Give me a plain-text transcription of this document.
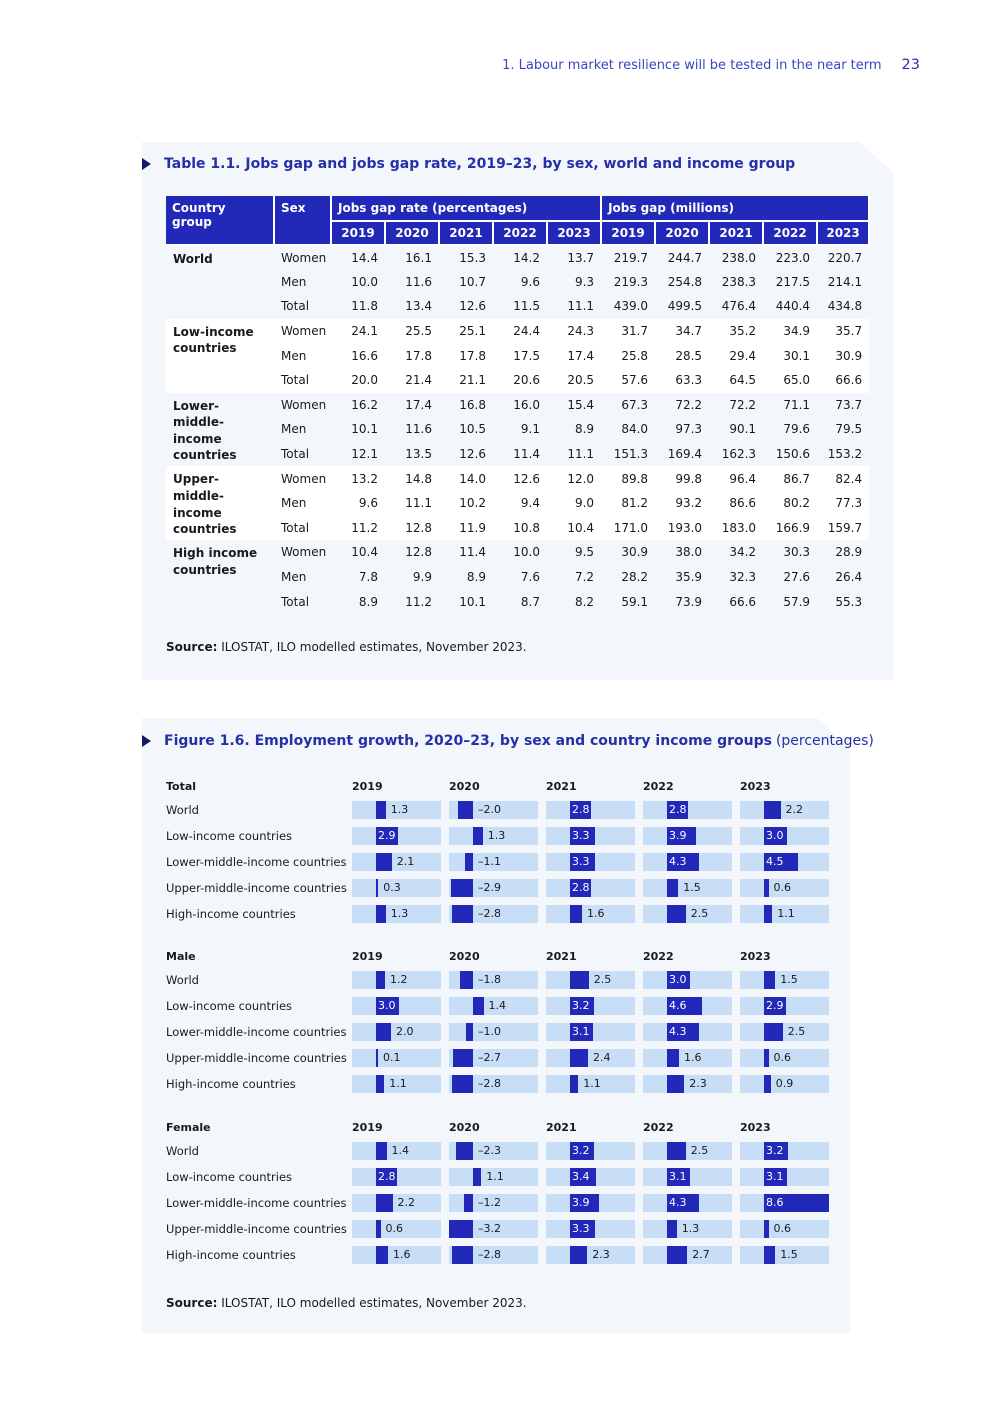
1. Labour market resilience will be tested in the near term 23
Table 1.1. Jobs gap and jobs gap rate, 2019–23, by sex, world and income group
Country group	Sex	Jobs gap rate (percentages)					Jobs gap (millions)				
		2019	2020	2021	2022	2023	2019	2020	2021	2022	2023
World	Women	14.4	16.1	15.3	14.2	13.7	219.7	244.7	238.0	223.0	220.7
	Men	10.0	11.6	10.7	9.6	9.3	219.3	254.8	238.3	217.5	214.1
	Total	11.8	13.4	12.6	11.5	11.1	439.0	499.5	476.4	440.4	434.8
Low-income countries	Women	24.1	25.5	25.1	24.4	24.3	31.7	34.7	35.2	34.9	35.7
	Men	16.6	17.8	17.8	17.5	17.4	25.8	28.5	29.4	30.1	30.9
	Total	20.0	21.4	21.1	20.6	20.5	57.6	63.3	64.5	65.0	66.6
Lower-middle-income countries	Women	16.2	17.4	16.8	16.0	15.4	67.3	72.2	72.2	71.1	73.7
	Men	10.1	11.6	10.5	9.1	8.9	84.0	97.3	90.1	79.6	79.5
	Total	12.1	13.5	12.6	11.4	11.1	151.3	169.4	162.3	150.6	153.2
Upper-middle-income countries	Women	13.2	14.8	14.0	12.6	12.0	89.8	99.8	96.4	86.7	82.4
	Men	9.6	11.1	10.2	9.4	9.0	81.2	93.2	86.6	80.2	77.3
	Total	11.2	12.8	11.9	10.8	10.4	171.0	193.0	183.0	166.9	159.7
High income countries	Women	10.4	12.8	11.4	10.0	9.5	30.9	38.0	34.2	30.3	28.9
	Men	7.8	9.9	8.9	7.6	7.2	28.2	35.9	32.3	27.6	26.4
	Total	8.9	11.2	10.1	8.7	8.2	59.1	73.9	66.6	57.9	55.3
Source: ILOSTAT, ILO modelled estimates, November 2023.
Figure 1.6. Employment growth, 2020–23, by sex and country income groups (percentages)
Total	2019	2020	2021	2022	2023
World	1.3	–2.0	2.8	2.8	2.2
Low-income countries	2.9	1.3	3.3	3.9	3.0
Lower-middle-income countries	2.1	–1.1	3.3	4.3	4.5
Upper-middle-income countries	0.3	–2.9	2.8	1.5	0.6
High-income countries	1.3	–2.8	1.6	2.5	1.1
Male	2019	2020	2021	2022	2023
World	1.2	–1.8	2.5	3.0	1.5
Low-income countries	3.0	1.4	3.2	4.6	2.9
Lower-middle-income countries	2.0	–1.0	3.1	4.3	2.5
Upper-middle-income countries	0.1	–2.7	2.4	1.6	0.6
High-income countries	1.1	–2.8	1.1	2.3	0.9
Female	2019	2020	2021	2022	2023
World	1.4	–2.3	3.2	2.5	3.2
Low-income countries	2.8	1.1	3.4	3.1	3.1
Lower-middle-income countries	2.2	–1.2	3.9	4.3	8.6
Upper-middle-income countries	0.6	–3.2	3.3	1.3	0.6
High-income countries	1.6	–2.8	2.3	2.7	1.5
Source: ILOSTAT, ILO modelled estimates, November 2023.
